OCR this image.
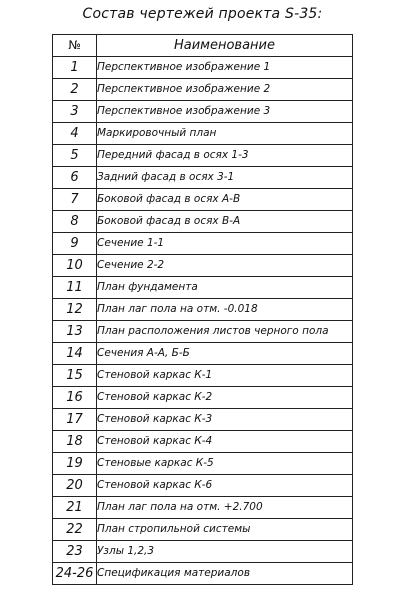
Состав чертежей проекта S-35:
№	Наименование
1	Перспективное изображение 1
2	Перспективное изображение 2
3	Перспективное изображение 3
4	Маркировочный план
5	Передний фасад в осях 1-3
6	Задний фасад в осях 3-1
7	Боковой фасад в осях А-В
8	Боковой фасад в осях В-А
9	Сечение 1-1
10	Сечение 2-2
11	План фундамента
12	План лаг пола на отм. -0.018
13	План расположения листов черного пола
14	Сечения А-А, Б-Б
15	Стеновой каркас К-1
16	Стеновой каркас К-2
17	Стеновой каркас К-3
18	Стеновой каркас К-4
19	Стеновые каркас К-5
20	Стеновой каркас К-6
21	План лаг пола на отм. +2.700
22	План стропильной системы
23	Узлы 1,2,3
24-26	Спецификация материалов
